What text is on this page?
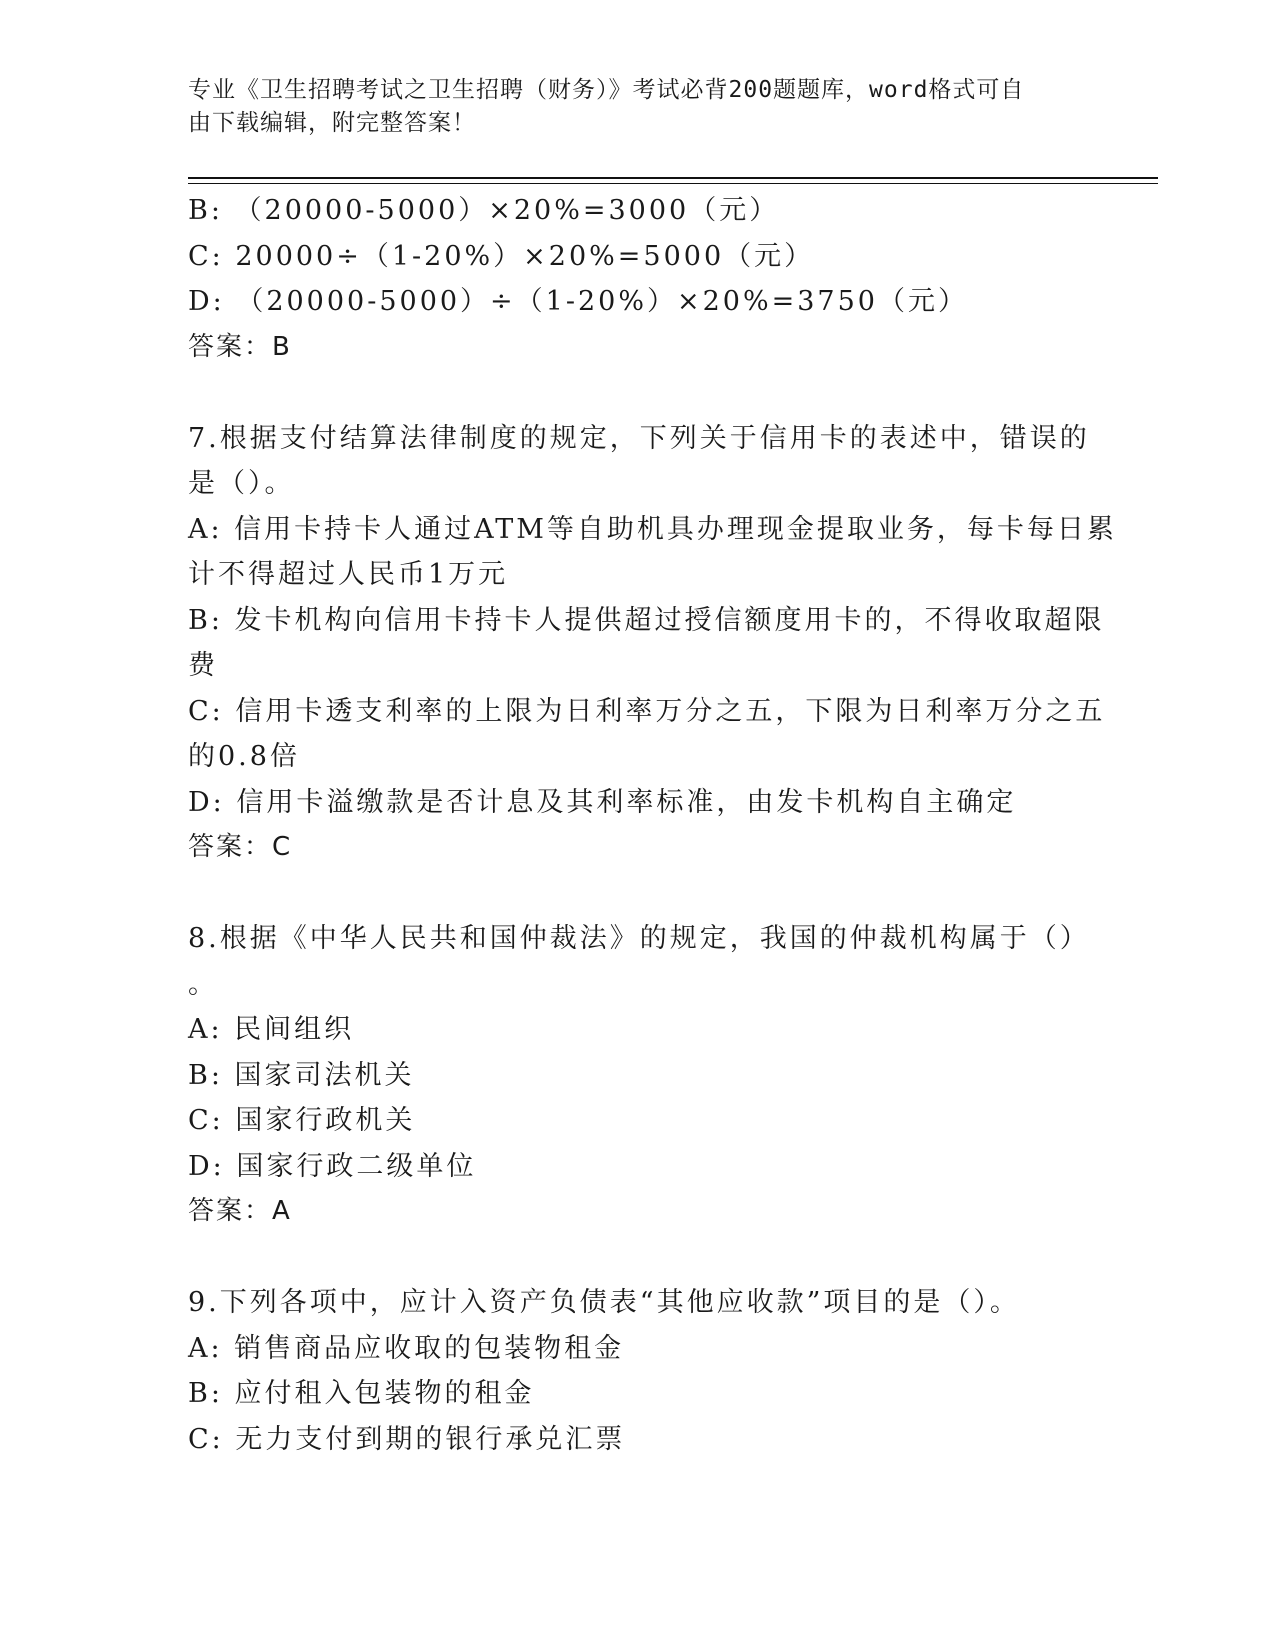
专业《卫生招聘考试之卫生招聘（财务）》考试必背200题题库，word格式可自
由下载编辑，附完整答案！
B: （20000-5000）×20%=3000（元）
C: 20000÷（1-20%）×20%=5000（元）
D: （20000-5000）÷（1-20%）×20%=3750（元）
答案：B
7.根据支付结算法律制度的规定，下列关于信用卡的表述中，错误的
是（）。
A: 信用卡持卡人通过ATM等自助机具办理现金提取业务，每卡每日累
计不得超过人民币1万元
B: 发卡机构向信用卡持卡人提供超过授信额度用卡的，不得收取超限
费
C: 信用卡透支利率的上限为日利率万分之五，下限为日利率万分之五
的0.8倍
D: 信用卡溢缴款是否计息及其利率标准，由发卡机构自主确定
答案：C
8.根据《中华人民共和国仲裁法》的规定，我国的仲裁机构属于（）
。
A: 民间组织
B: 国家司法机关
C: 国家行政机关
D: 国家行政二级单位
答案：A
9.下列各项中，应计入资产负债表“其他应收款”项目的是（）。
A: 销售商品应收取的包装物租金
B: 应付租入包装物的租金
C: 无力支付到期的银行承兑汇票
